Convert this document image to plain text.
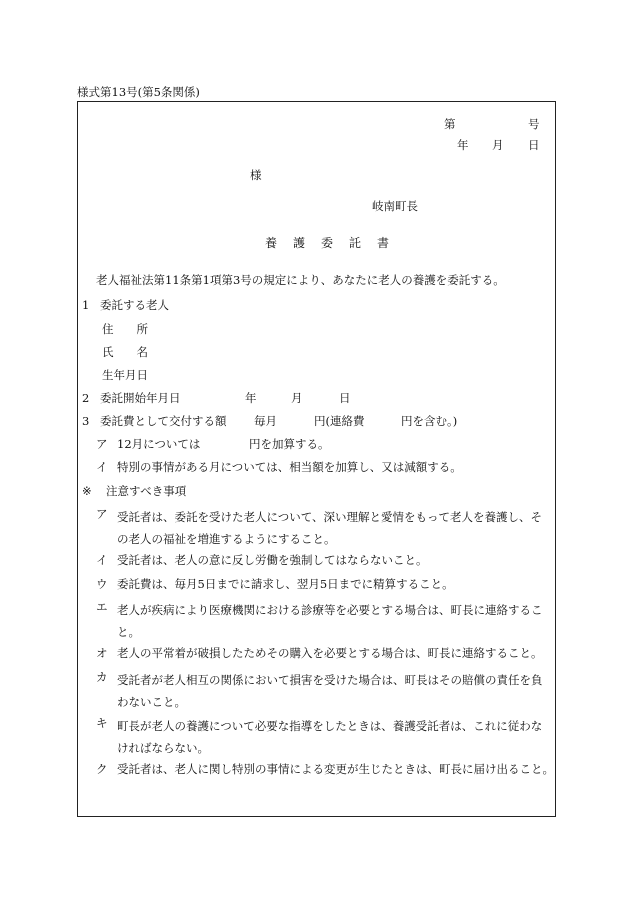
様式第13号(第5条関係)
第	号
年 月 日
様
岐南町長
養護委託書
老人福祉法第11条第1項第3号の規定により、あなたに老人の養護を委託する。
1 委託する老人
住　　所
氏　　名
生年月日
2 委託開始年月日	年	月	日
3 委託費として交付する額 毎月	円(連絡費	円を含む。)
ア 12月については	円を加算する。
イ 特別の事情がある月については、相当額を加算し、又は減額する。
※ 注意すべき事項
ア 受託者は、委託を受けた老人について、深い理解と愛情をもって老人を養護し、その老人の福祉を増進するようにすること。
イ 受託者は、老人の意に反し労働を強制してはならないこと。
ウ 委託費は、毎月5日までに請求し、翌月5日までに精算すること。
エ 老人が疾病により医療機関における診療等を必要とする場合は、町長に連絡すること。
オ 老人の平常着が破損したためその購入を必要とする場合は、町長に連絡すること。
カ 受託者が老人相互の関係において損害を受けた場合は、町長はその賠償の責任を負わないこと。
キ 町長が老人の養護について必要な指導をしたときは、養護受託者は、これに従わなければならない。
ク 受託者は、老人に関し特別の事情による変更が生じたときは、町長に届け出ること。
